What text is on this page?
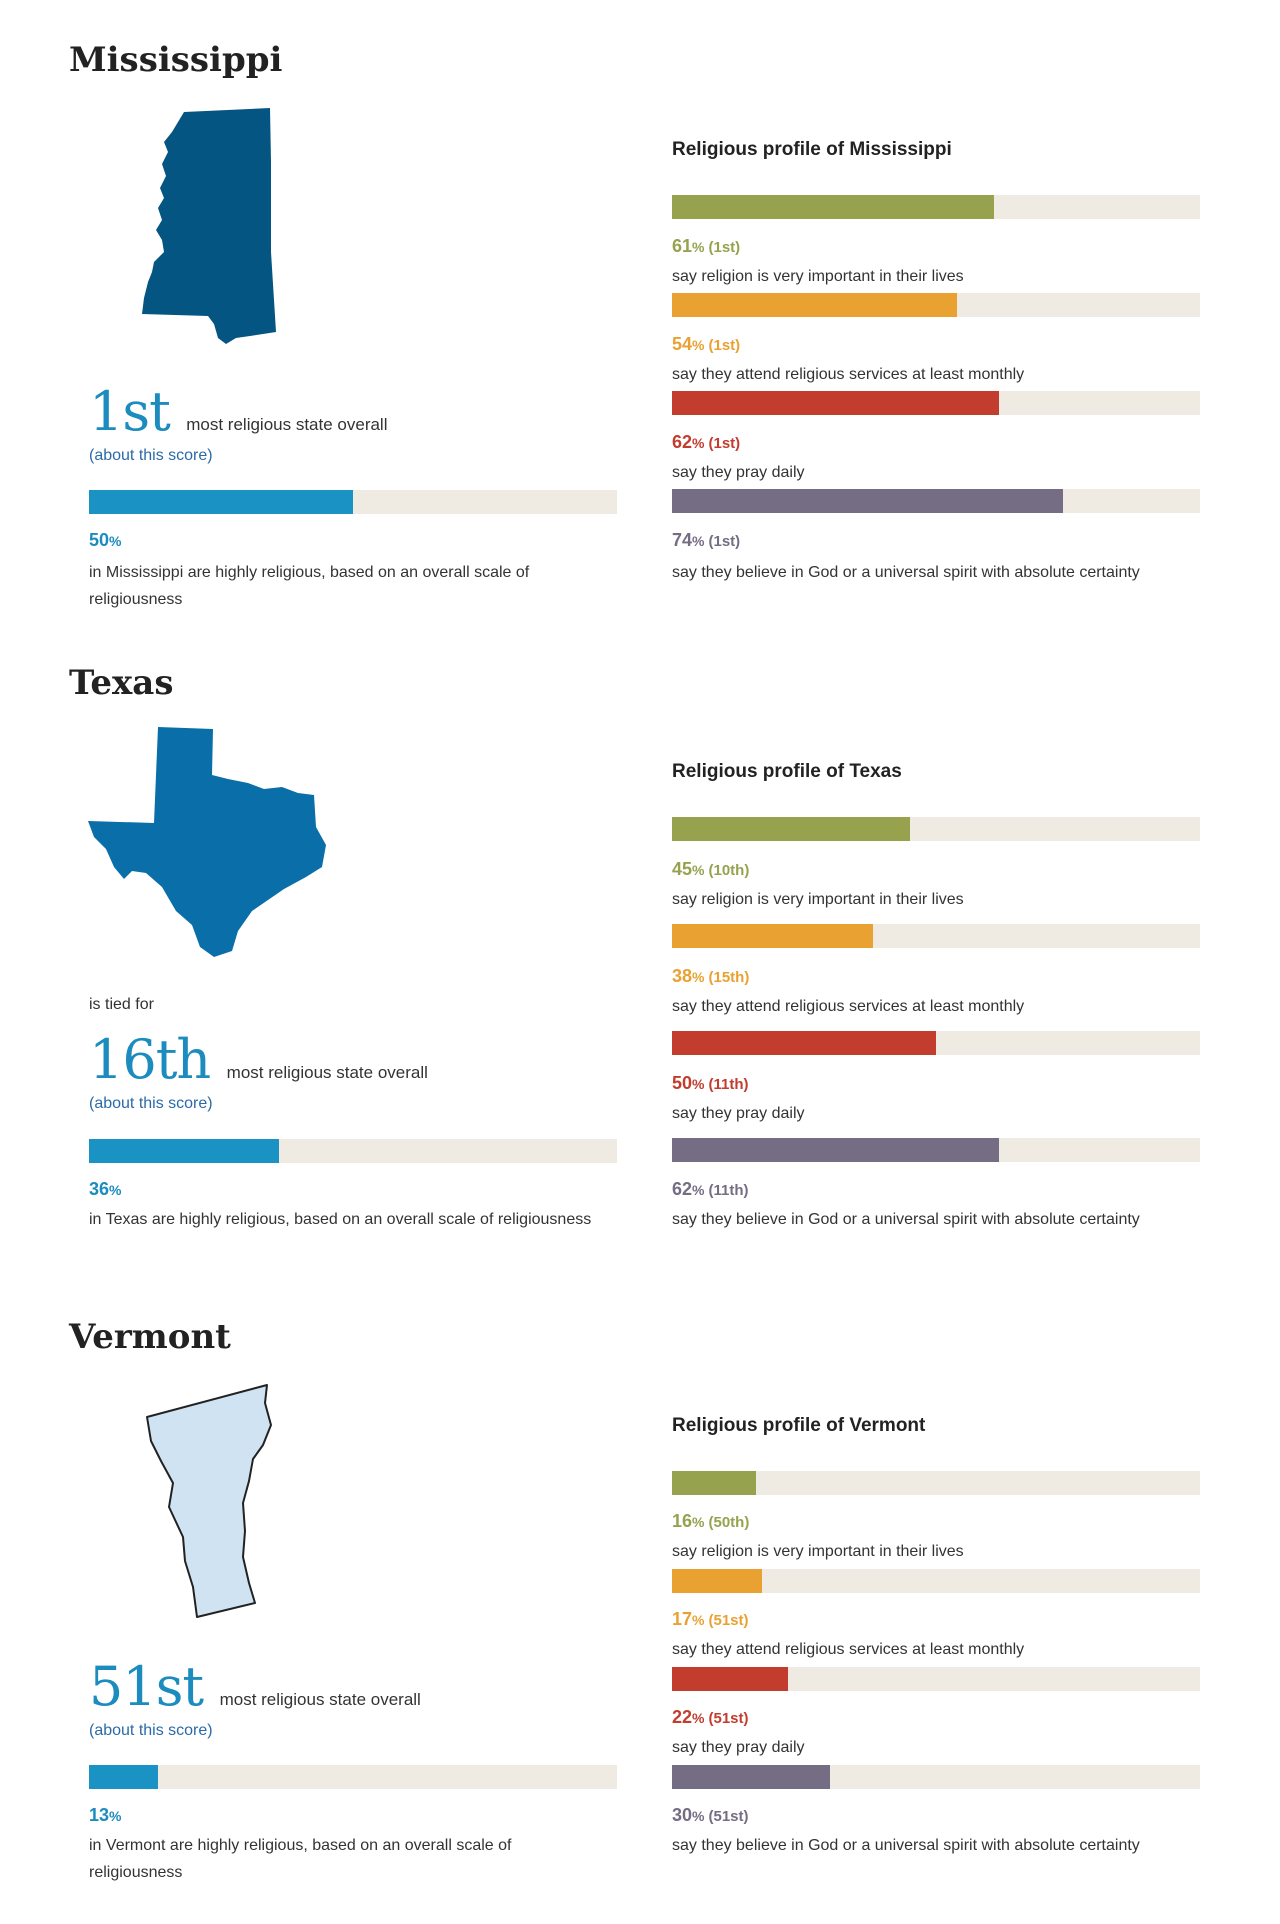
Mississippi
1st most religious state overall
(about this score)
50%
in Mississippi are highly religious, based on an overall scale of religiousness
Religious profile of Mississippi
61% (1st)
say religion is very important in their lives
54% (1st)
say they attend religious services at least monthly
62% (1st)
say they pray daily
74% (1st)
say they believe in God or a universal spirit with absolute certainty
Texas
is tied for
16th most religious state overall
(about this score)
36%
in Texas are highly religious, based on an overall scale of religiousness
Religious profile of Texas
45% (10th)
say religion is very important in their lives
38% (15th)
say they attend religious services at least monthly
50% (11th)
say they pray daily
62% (11th)
say they believe in God or a universal spirit with absolute certainty
Vermont
51st most religious state overall
(about this score)
13%
in Vermont are highly religious, based on an overall scale of religiousness
Religious profile of Vermont
16% (50th)
say religion is very important in their lives
17% (51st)
say they attend religious services at least monthly
22% (51st)
say they pray daily
30% (51st)
say they believe in God or a universal spirit with absolute certainty
